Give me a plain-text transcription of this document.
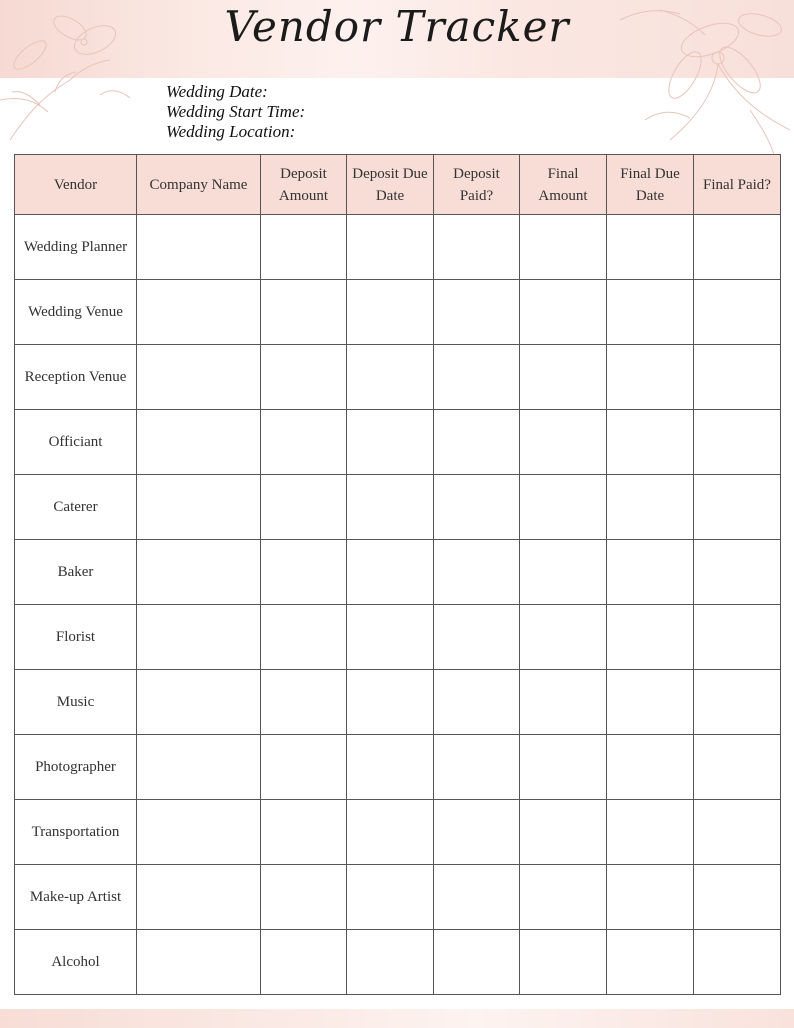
Vendor Tracker
Wedding Date:
Wedding Start Time:
Wedding Location:
Vendor	Company Name	Deposit Amount	Deposit Due Date	Deposit Paid?	Final Amount	Final Due Date	Final Paid?
Wedding Planner							
Wedding Venue							
Reception Venue							
Officiant							
Caterer							
Baker							
Florist							
Music							
Photographer							
Transportation							
Make-up Artist							
Alcohol							
